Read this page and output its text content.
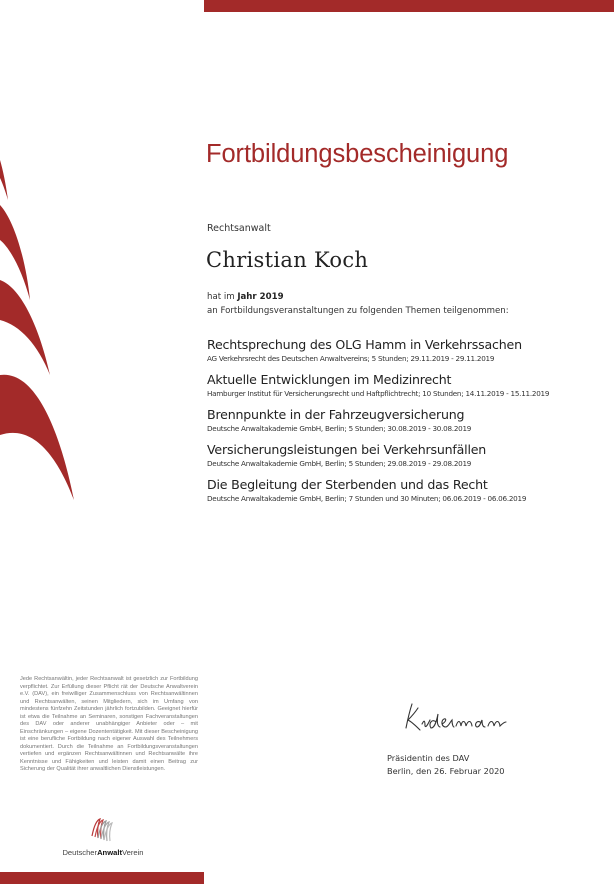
Fortbildungsbescheinigung
Rechtsanwalt
Christian Koch
hat im Jahr 2019
an Fortbildungsveranstaltungen zu folgenden Themen teilgenommen:
Rechtsprechung des OLG Hamm in Verkehrssachen
AG Verkehrsrecht des Deutschen Anwaltvereins; 5 Stunden; 29.11.2019 - 29.11.2019
Aktuelle Entwicklungen im Medizinrecht
Hamburger Institut für Versicherungsrecht und Haftpflichtrecht; 10 Stunden; 14.11.2019 - 15.11.2019
Brennpunkte in der Fahrzeugversicherung
Deutsche Anwaltakademie GmbH, Berlin; 5 Stunden; 30.08.2019 - 30.08.2019
Versicherungsleistungen bei Verkehrsunfällen
Deutsche Anwaltakademie GmbH, Berlin; 5 Stunden; 29.08.2019 - 29.08.2019
Die Begleitung der Sterbenden und das Recht
Deutsche Anwaltakademie GmbH, Berlin; 7 Stunden und 30 Minuten; 06.06.2019 - 06.06.2019
Jede Rechtsanwältin, jeder Rechtsanwalt ist gesetzlich zur Fortbildung verpflichtet. Zur Erfüllung dieser Pflicht rät der Deutsche Anwaltverein e.V. (DAV), ein freiwilliger Zusammenschluss von Rechtsanwältinnen und Rechtsanwälten, seinen Mitgliedern, sich im Umfang von mindestens fünfzehn Zeitstunden jährlich fortzubilden. Geeignet hierfür ist etwa die Teilnahme an Seminaren, sonstigen Fachveranstaltungen des DAV oder anderer unabhängiger Anbieter oder – mit Einschränkungen – eigene Dozententätigkeit. Mit dieser Bescheinigung ist eine berufliche Fortbildung nach eigener Auswahl des Teilnehmers dokumentiert. Durch die Teilnahme an Fortbildungsveranstaltungen vertiefen und ergänzen Rechtsanwältinnen und Rechtsanwälte ihre Kenntnisse und Fähigkeiten und leisten damit einen Beitrag zur Sicherung der Qualität ihrer anwaltlichen Dienstleistungen.
DeutscherAnwaltVerein
Präsidentin des DAV
Berlin, den 26. Februar 2020
